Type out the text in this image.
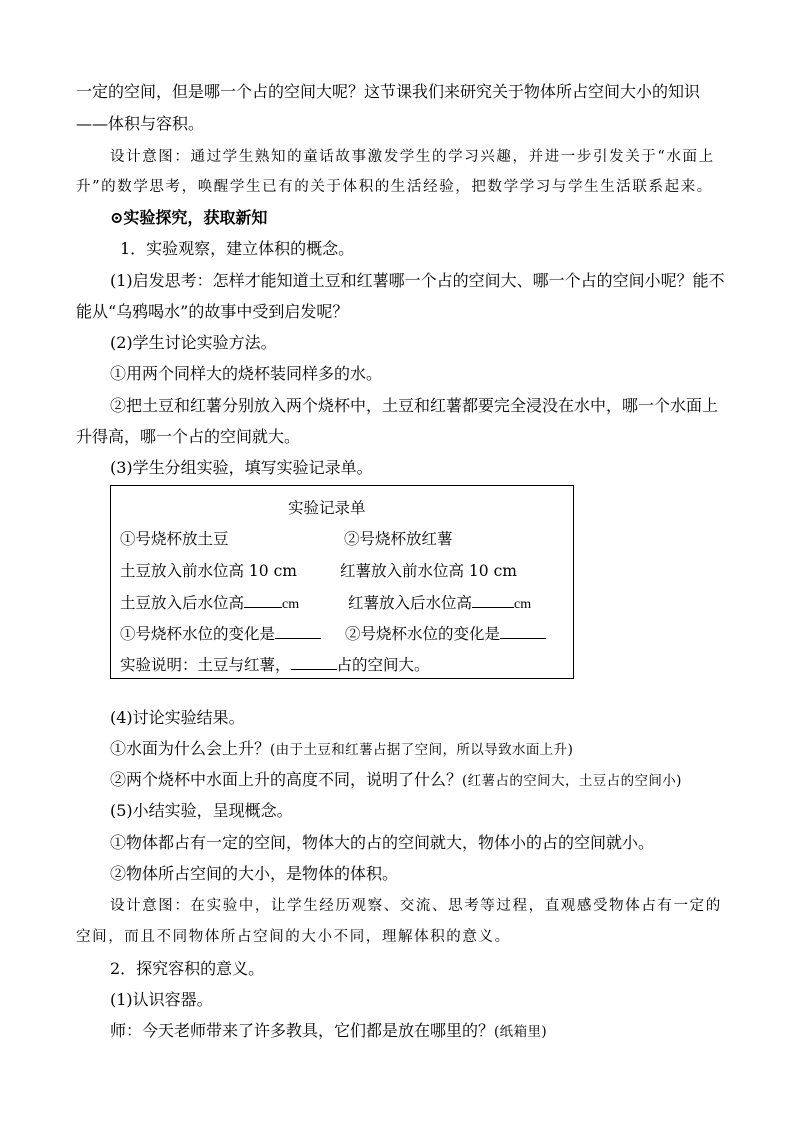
一定的空间，但是哪一个占的空间大呢？这节课我们来研究关于物体所占空间大小的知识
——体积与容积。
设计意图：通过学生熟知的童话故事激发学生的学习兴趣，并进一步引发关于“水面上
升”的数学思考，唤醒学生已有的关于体积的生活经验，把数学学习与学生生活联系起来。
⊙实验探究，获取新知
1．实验观察，建立体积的概念。
(1)启发思考：怎样才能知道土豆和红薯哪一个占的空间大、哪一个占的空间小呢？能不
能从“乌鸦喝水”的故事中受到启发呢？
(2)学生讨论实验方法。
①用两个同样大的烧杯装同样多的水。
②把土豆和红薯分别放入两个烧杯中，土豆和红薯都要完全浸没在水中，哪一个水面上
升得高，哪一个占的空间就大。
(3)学生分组实验，填写实验记录单。
实验记录单
①号烧杯放土豆	②号烧杯放红薯
土豆放入前水位高 10 cm	红薯放入前水位高 10 cm
土豆放入后水位高	cm	红薯放入后水位高	cm
①号烧杯水位的变化是	②号烧杯水位的变化是
实验说明：土豆与红薯，	占的空间大。
(4)讨论实验结果。
①水面为什么会上升？(由于土豆和红薯占据了空间，所以导致水面上升)
②两个烧杯中水面上升的高度不同，说明了什么？(红薯占的空间大，土豆占的空间小)
(5)小结实验，呈现概念。
①物体都占有一定的空间，物体大的占的空间就大，物体小的占的空间就小。
②物体所占空间的大小，是物体的体积。
设计意图：在实验中，让学生经历观察、交流、思考等过程，直观感受物体占有一定的
空间，而且不同物体所占空间的大小不同，理解体积的意义。
2．探究容积的意义。
(1)认识容器。
师：今天老师带来了许多教具，它们都是放在哪里的？(纸箱里)
